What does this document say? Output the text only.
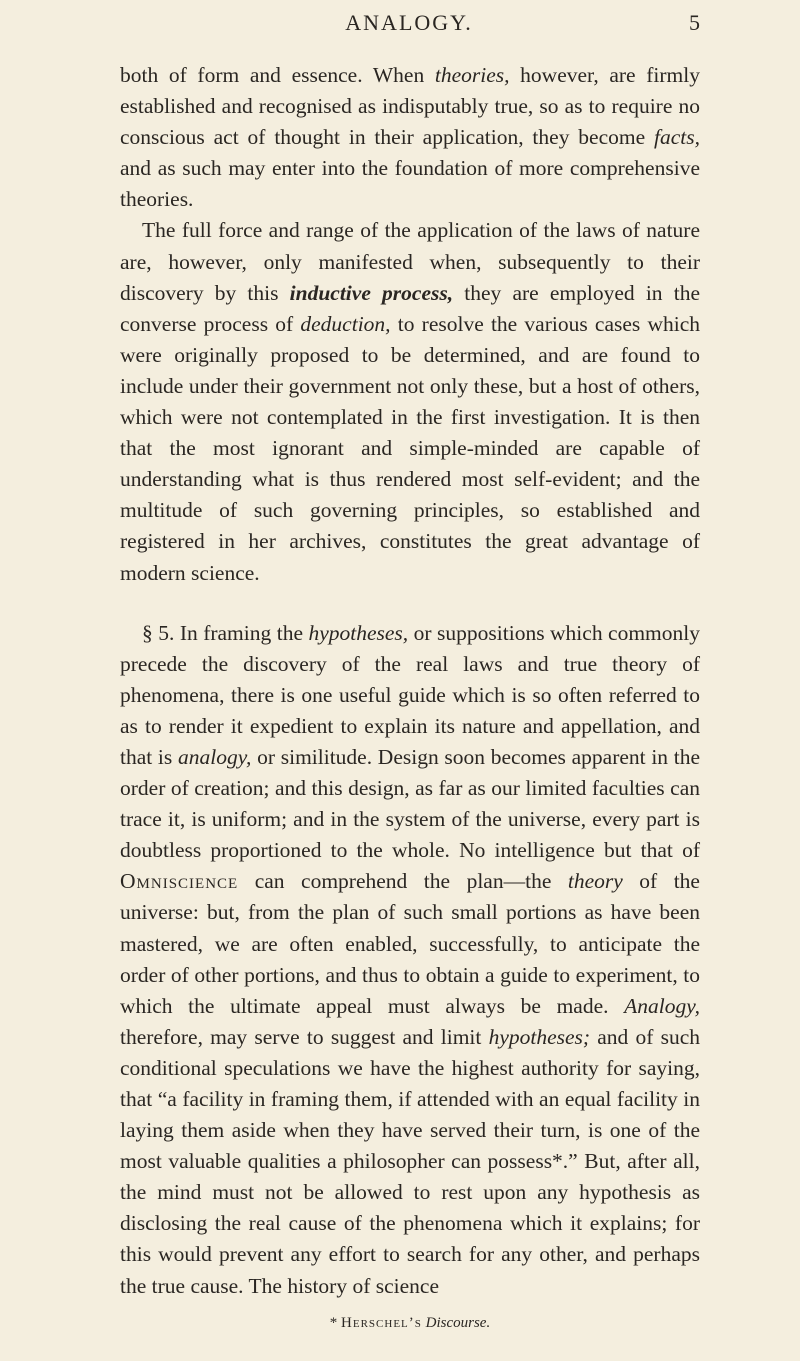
ANALOGY.	5

both of form and essence. When theories, however, are firmly established and recognised as indisputably true, so as to require no conscious act of thought in their application, they become facts, and as such may enter into the foundation of more comprehensive theories.

The full force and range of the application of the laws of nature are, however, only manifested when, subsequently to their discovery by this inductive process, they are employed in the converse process of deduction, to resolve the various cases which were originally proposed to be determined, and are found to include under their government not only these, but a host of others, which were not contemplated in the first investigation. It is then that the most ignorant and simple-minded are capable of understanding what is thus rendered most self-evident; and the multitude of such governing principles, so established and registered in her archives, constitutes the great advantage of modern science.

§ 5. In framing the hypotheses, or suppositions which commonly precede the discovery of the real laws and true theory of phenomena, there is one useful guide which is so often referred to as to render it expedient to explain its nature and appellation, and that is analogy, or similitude. Design soon becomes apparent in the order of creation; and this design, as far as our limited faculties can trace it, is uniform; and in the system of the universe, every part is doubtless proportioned to the whole. No intelligence but that of Omniscience can comprehend the plan—the theory of the universe: but, from the plan of such small portions as have been mastered, we are often enabled, successfully, to anticipate the order of other portions, and thus to obtain a guide to experiment, to which the ultimate appeal must always be made. Analogy, therefore, may serve to suggest and limit hypotheses; and of such conditional speculations we have the highest authority for saying, that “a facility in framing them, if attended with an equal facility in laying them aside when they have served their turn, is one of the most valuable qualities a philosopher can possess*.” But, after all, the mind must not be allowed to rest upon any hypothesis as disclosing the real cause of the phenomena which it explains; for this would prevent any effort to search for any other, and perhaps the true cause. The history of science

* Herschel’s Discourse.
